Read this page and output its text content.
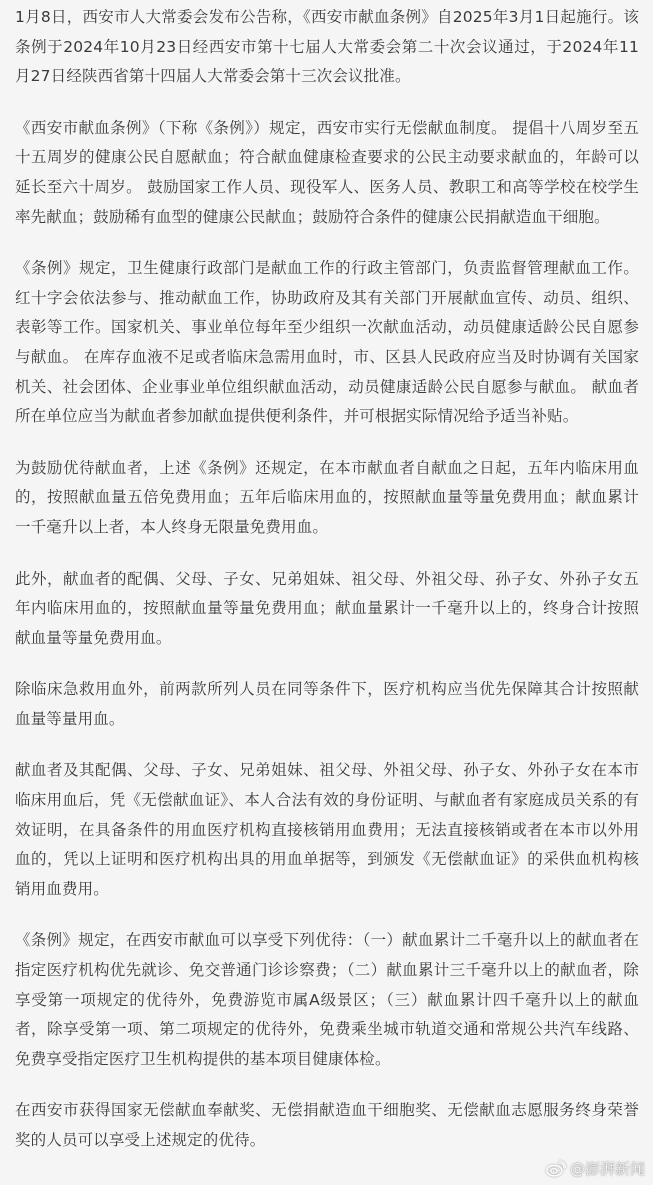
1月8日，西安市人大常委会发布公告称，《西安市献血条例》自2025年3月1日起施行。该条例于2024年10月23日经西安市第十七届人大常委会第二十次会议通过，于2024年11月27日经陕西省第十四届人大常委会第十三次会议批准。

《西安市献血条例》（下称《条例》）规定，西安市实行无偿献血制度。 提倡十八周岁至五十五周岁的健康公民自愿献血；符合献血健康检查要求的公民主动要求献血的，年龄可以延长至六十周岁。 鼓励国家工作人员、现役军人、医务人员、教职工和高等学校在校学生率先献血；鼓励稀有血型的健康公民献血；鼓励符合条件的健康公民捐献造血干细胞。

《条例》规定，卫生健康行政部门是献血工作的行政主管部门，负责监督管理献血工作。红十字会依法参与、推动献血工作，协助政府及其有关部门开展献血宣传、动员、组织、表彰等工作。国家机关、事业单位每年至少组织一次献血活动，动员健康适龄公民自愿参与献血。 在库存血液不足或者临床急需用血时，市、区县人民政府应当及时协调有关国家机关、社会团体、企业事业单位组织献血活动，动员健康适龄公民自愿参与献血。 献血者所在单位应当为献血者参加献血提供便利条件，并可根据实际情况给予适当补贴。

为鼓励优待献血者，上述《条例》还规定，在本市献血者自献血之日起，五年内临床用血的，按照献血量五倍免费用血；五年后临床用血的，按照献血量等量免费用血；献血累计一千毫升以上者，本人终身无限量免费用血。

此外，献血者的配偶、父母、子女、兄弟姐妹、祖父母、外祖父母、孙子女、外孙子女五年内临床用血的，按照献血量等量免费用血；献血量累计一千毫升以上的，终身合计按照献血量等量免费用血。

除临床急救用血外，前两款所列人员在同等条件下，医疗机构应当优先保障其合计按照献血量等量用血。

献血者及其配偶、父母、子女、兄弟姐妹、祖父母、外祖父母、孙子女、外孙子女在本市临床用血后，凭《无偿献血证》、本人合法有效的身份证明、与献血者有家庭成员关系的有效证明，在具备条件的用血医疗机构直接核销用血费用；无法直接核销或者在本市以外用血的，凭以上证明和医疗机构出具的用血单据等，到颁发《无偿献血证》的采供血机构核销用血费用。

《条例》规定，在西安市献血可以享受下列优待：（一）献血累计二千毫升以上的献血者在指定医疗机构优先就诊、免交普通门诊诊察费；（二）献血累计三千毫升以上的献血者，除享受第一项规定的优待外，免费游览市属A级景区；（三）献血累计四千毫升以上的献血者，除享受第一项、第二项规定的优待外，免费乘坐城市轨道交通和常规公共汽车线路、免费享受指定医疗卫生机构提供的基本项目健康体检。

在西安市获得国家无偿献血奉献奖、无偿捐献造血干细胞奖、无偿献血志愿服务终身荣誉奖的人员可以享受上述规定的优待。

@澎湃新闻
